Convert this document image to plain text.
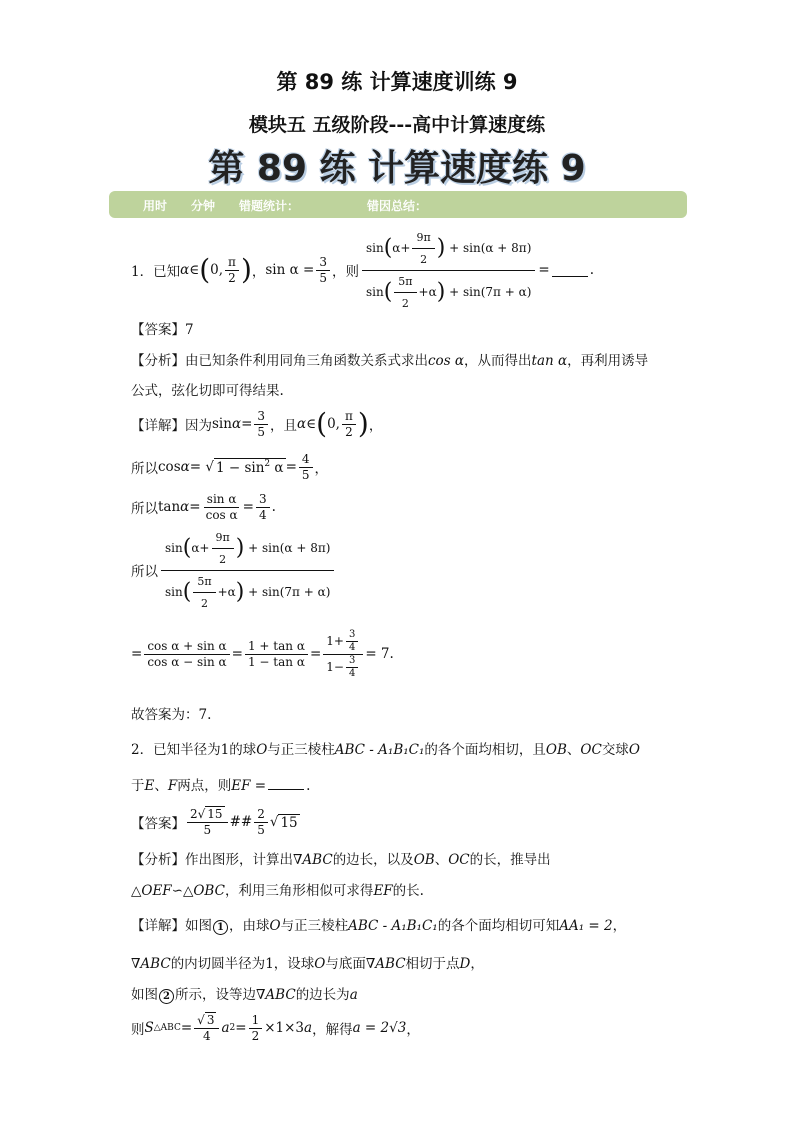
第 89 练 计算速度训练 9
模块五 五级阶段---高中计算速度练
第 89 练 计算速度练 9
用时 分钟 错题统计：	错因总结：
1．已知 α ∈ ( 0, $\frac{\pi}{2}$ ) ， $\sin \alpha = \frac{3}{5}$ ，则 $\frac{\sin(\alpha+ \frac{9\pi}{2} ) + \sin(\alpha + 8\pi)}{\sin( \frac{5\pi}{2} +\alpha) + \sin(7\pi + \alpha)}$ =	.
【答案】7
【分析】由已知条件利用同角三角函数关系式求出cos α，从而得出tan α，再利用诱导
公式，弦化切即可得结果.
【详解】 因为 $\sin \alpha = \frac{3}{5}$ ，且 α ∈ ( 0, $\frac{\pi}{2}$ ) ，
所以 cos α = √ $1 - \sin^2 \alpha = \frac{4}{5}$ ，
所以 $\tan \alpha = \frac{\text{sin α}}{\text{cos α}} = \frac{3}{4}$ .
所以 $\frac{\sin(\alpha+ \frac{9\pi}{2} ) + \sin(\alpha + 8\pi)}{\sin( \frac{5\pi}{2} +\alpha) + \sin(7\pi + \alpha)}$
= $\frac{\text{cos α + sin α}}{\text{cos α − sin α}} = \frac{\text{1 + tan α}}{\text{1 − tan α}} = \frac{1+ \frac{3}{4}}{1- \frac{3}{4}} = 7$ .
故答案为：7.
2．已知半径为1的球O与正三棱柱ABC - A₁B₁C₁的各个面均相切，且OB、OC交球O
于E、F两点，则EF =	.
【答案】 $\frac{2√ 15}{5}$ ## $\frac{2}{5}$ √ 15
【分析】作出图形，计算出∇ABC的边长，以及OB、OC的长，推导出
△OEF∽△OBC，利用三角形相似可求得EF的长.
【详解】如图 1 ，由球O与正三棱柱ABC - A₁B₁C₁的各个面均相切可知AA₁ = 2，
∇ABC的内切圆半径为1，设球O与底面∇ABC相切于点D，
如图 2 所示，设等边∇ABC的边长为a
则 S △ABC = $\frac{√ 3}{4}$ a $2 = \frac{1}{2} \times 1\times 3$ a ，解得 a = 2√3 ，
